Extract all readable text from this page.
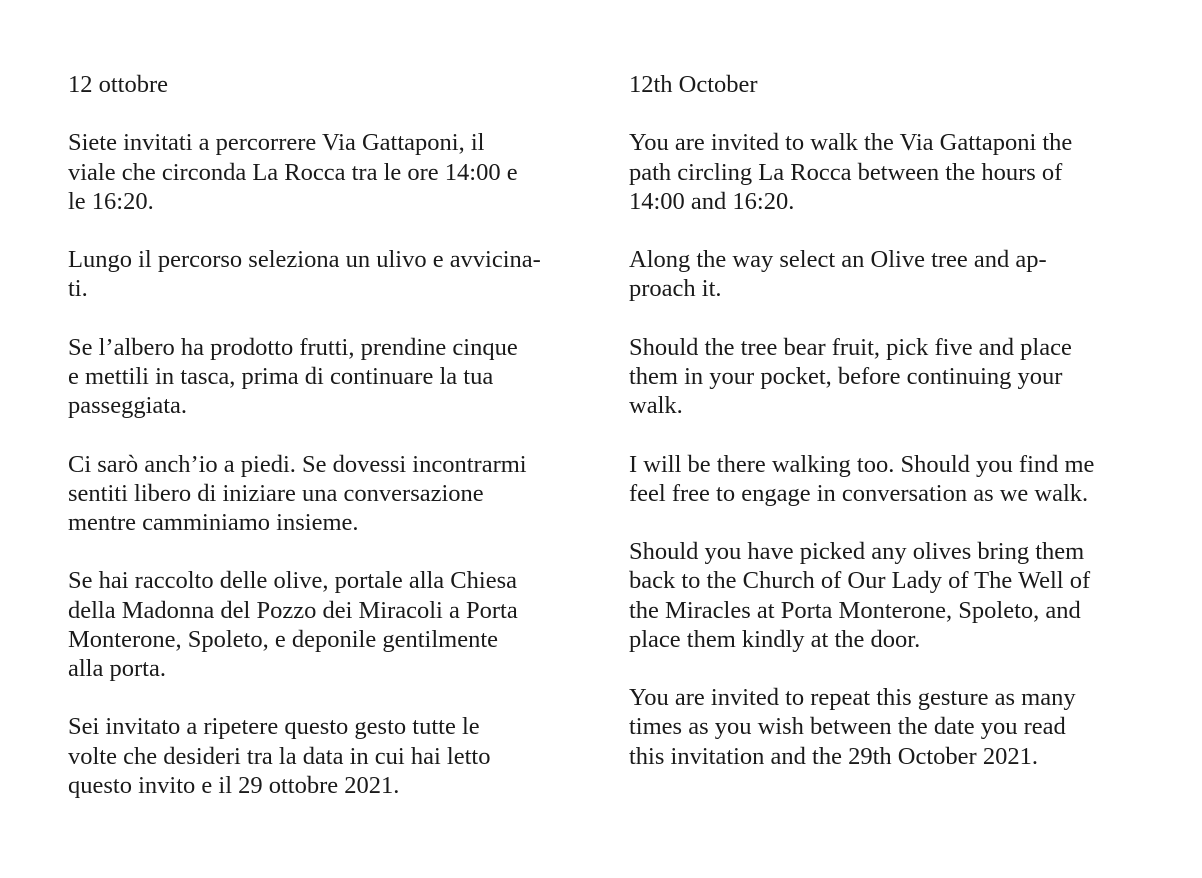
12 ottobre
Siete invitati a percorrere Via Gattaponi, il
viale che circonda La Rocca tra le ore 14:00 e
le 16:20.
Lungo il percorso seleziona un ulivo e avvicina-
ti.
Se l’albero ha prodotto frutti, prendine cinque
e mettili in tasca, prima di continuare la tua
passeggiata.
Ci sarò anch’io a piedi. Se dovessi incontrarmi
sentiti libero di iniziare una conversazione
mentre camminiamo insieme.
Se hai raccolto delle olive, portale alla Chiesa
della Madonna del Pozzo dei Miracoli a Porta
Monterone, Spoleto, e deponile gentilmente
alla porta.
Sei invitato a ripetere questo gesto tutte le
volte che desideri tra la data in cui hai letto
questo invito e il 29 ottobre 2021.
12th October
You are invited to walk the Via Gattaponi the
path circling La Rocca between the hours of
14:00 and 16:20.
Along the way select an Olive tree and ap-
proach it.
Should the tree bear fruit, pick five and place
them in your pocket, before continuing your
walk.
I will be there walking too. Should you find me
feel free to engage in conversation as we walk.
Should you have picked any olives bring them
back to the Church of Our Lady of The Well of
the Miracles at Porta Monterone, Spoleto, and
place them kindly at the door.
You are invited to repeat this gesture as many
times as you wish between the date you read
this invitation and the 29th October 2021.
